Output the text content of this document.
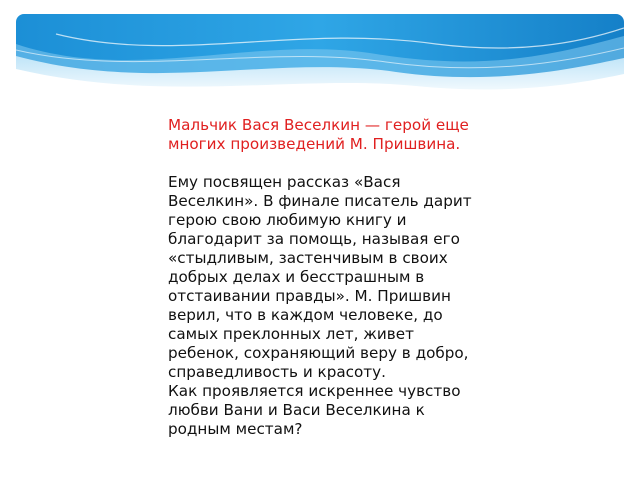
Мальчик Вася Веселкин — герой еще многих произведений М. Пришвина.

Ему посвящен рассказ «Вася Веселкин». В финале писатель дарит герою свою любимую книгу и благодарит за помощь, называя его «стыдливым, застенчивым в своих добрых делах и бесстрашным в отстаивании правды». М. Пришвин верил, что в каждом человеке, до самых преклонных лет, живет ребенок, сохраняющий веру в добро, справедливость и красоту.

Как проявляется искреннее чувство любви Вани и Васи Веселкина к родным местам?
